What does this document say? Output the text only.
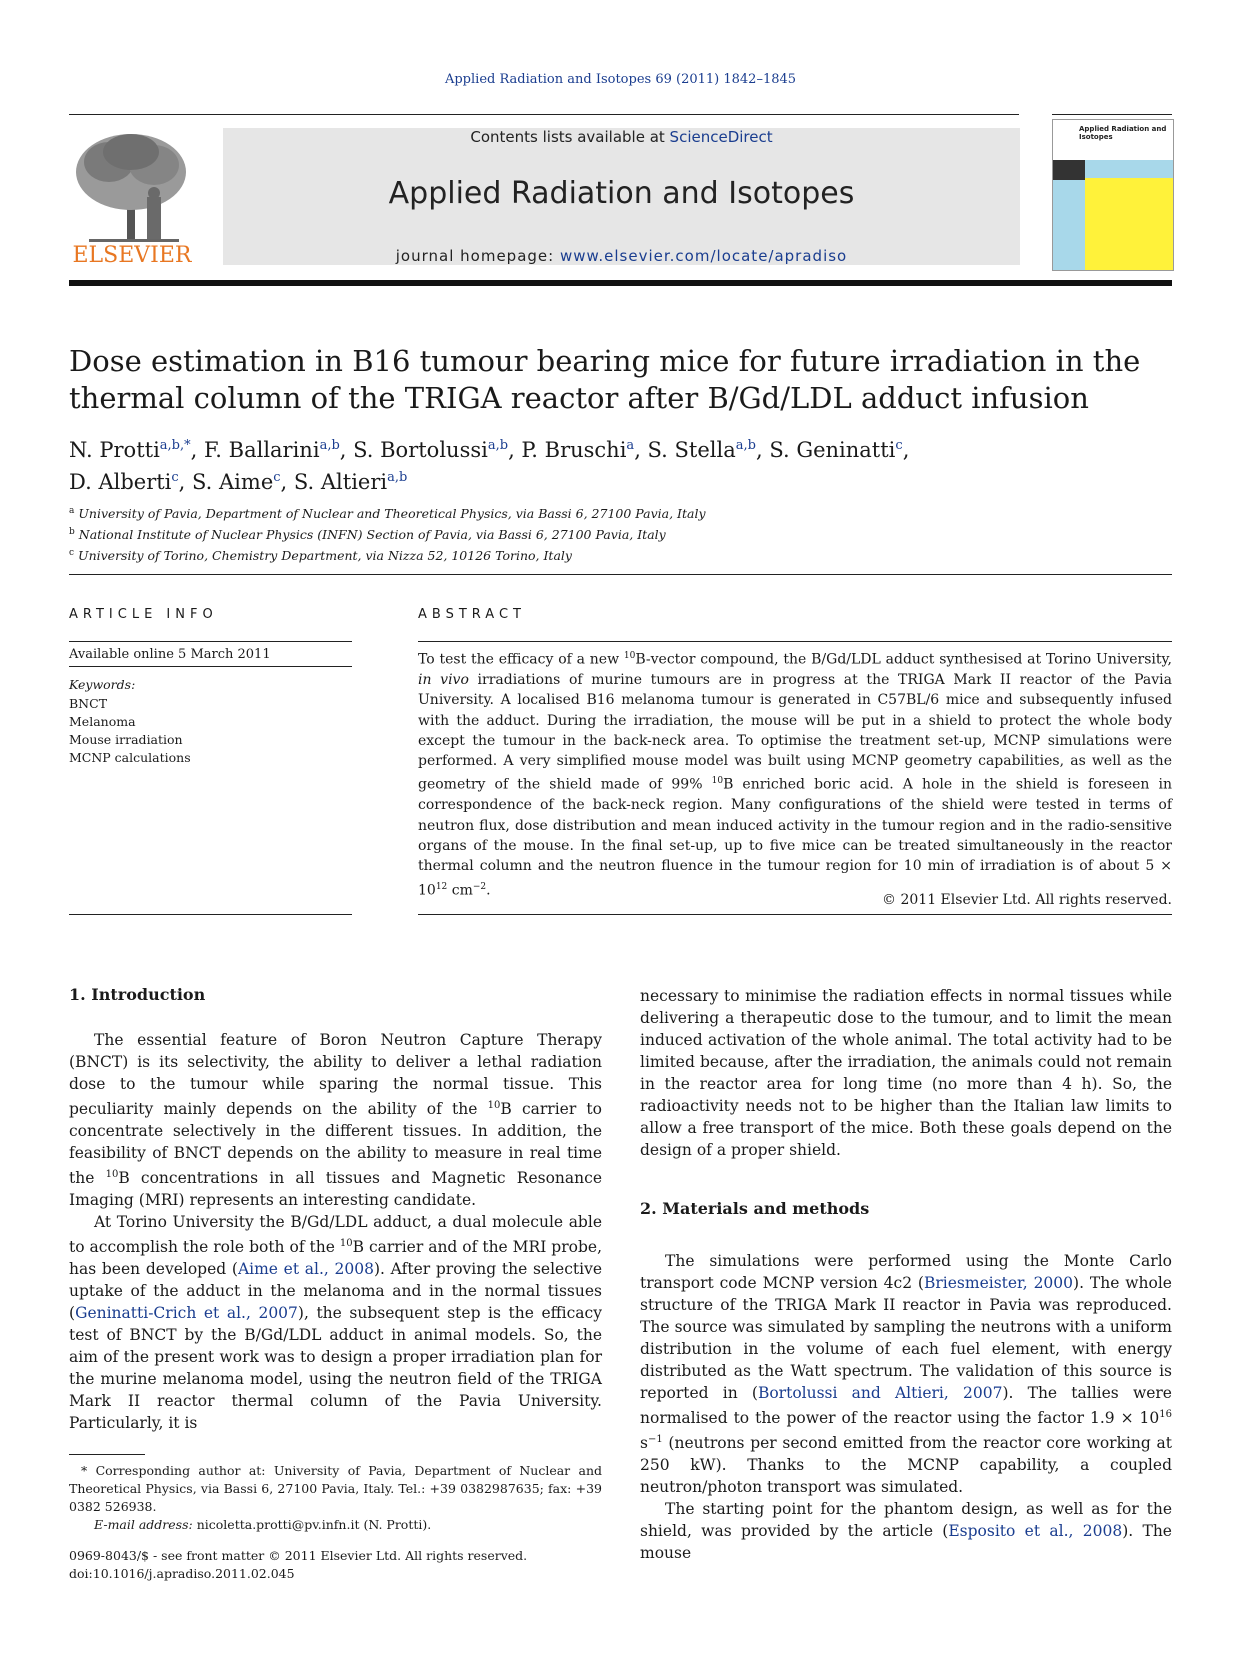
Applied Radiation and Isotopes 69 (2011) 1842–1845
ELSEVIER
Contents lists available at ScienceDirect
Applied Radiation and Isotopes
journal homepage: www.elsevier.com/locate/apradiso
Applied Radiation and Isotopes
Dose estimation in B16 tumour bearing mice for future irradiation in the
thermal column of the TRIGA reactor after B/Gd/LDL adduct infusion
N. Protti$^{a,b,*}$, F. Ballarini$^{a,b}$, S. Bortolussi$^{a,b}$, P. Bruschi$^a$, S. Stella$^{a,b}$, S. Geninatti$^c$,
D. Alberti$^c$, S. Aime$^c$, S. Altieri$^{a,b}$
$^a$ University of Pavia, Department of Nuclear and Theoretical Physics, via Bassi 6, 27100 Pavia, Italy
$^b$ National Institute of Nuclear Physics (INFN) Section of Pavia, via Bassi 6, 27100 Pavia, Italy
$^c$ University of Torino, Chemistry Department, via Nizza 52, 10126 Torino, Italy
ARTICLE INFO
Available online 5 March 2011
Keywords:
BNCT
Melanoma
Mouse irradiation
MCNP calculations
ABSTRACT
To test the efficacy of a new $^{10}$B-vector compound, the B/Gd/LDL adduct synthesised at Torino University, in vivo irradiations of murine tumours are in progress at the TRIGA Mark II reactor of the Pavia University. A localised B16 melanoma tumour is generated in C57BL/6 mice and subsequently infused with the adduct. During the irradiation, the mouse will be put in a shield to protect the whole body except the tumour in the back-neck area. To optimise the treatment set-up, MCNP simulations were performed. A very simplified mouse model was built using MCNP geometry capabilities, as well as the geometry of the shield made of 99% $^{10}$B enriched boric acid. A hole in the shield is foreseen in correspondence of the back-neck region. Many configurations of the shield were tested in terms of neutron flux, dose distribution and mean induced activity in the tumour region and in the radio-sensitive organs of the mouse. In the final set-up, up to five mice can be treated simultaneously in the reactor thermal column and the neutron fluence in the tumour region for 10 min of irradiation is of about $5 \times 10^{12}$ $cm^{-2}$.
© 2011 Elsevier Ltd. All rights reserved.
1. Introduction

The essential feature of Boron Neutron Capture Therapy (BNCT) is its selectivity, the ability to deliver a lethal radiation dose to the tumour while sparing the normal tissue. This peculiarity mainly depends on the ability of the $^{10}$B carrier to concentrate selectively in the different tissues. In addition, the feasibility of BNCT depends on the ability to measure in real time the $^{10}$B concentrations in all tissues and Magnetic Resonance Imaging (MRI) represents an interesting candidate.

At Torino University the B/Gd/LDL adduct, a dual molecule able to accomplish the role both of the $^{10}$B carrier and of the MRI probe, has been developed (Aime et al., 2008). After proving the selective uptake of the adduct in the melanoma and in the normal tissues (Geninatti-Crich et al., 2007), the subsequent step is the efficacy test of BNCT by the B/Gd/LDL adduct in animal models. So, the aim of the present work was to design a proper irradiation plan for the murine melanoma model, using the neutron field of the TRIGA Mark II reactor thermal column of the Pavia University. Particularly, it is

necessary to minimise the radiation effects in normal tissues while delivering a therapeutic dose to the tumour, and to limit the mean induced activation of the whole animal. The total activity had to be limited because, after the irradiation, the animals could not remain in the reactor area for long time (no more than 4 h). So, the radioactivity needs not to be higher than the Italian law limits to allow a free transport of the mice. Both these goals depend on the design of a proper shield.
2. Materials and methods

The simulations were performed using the Monte Carlo transport code MCNP version 4c2 (Briesmeister, 2000). The whole structure of the TRIGA Mark II reactor in Pavia was reproduced. The source was simulated by sampling the neutrons with a uniform distribution in the volume of each fuel element, with energy distributed as the Watt spectrum. The validation of this source is reported in (Bortolussi and Altieri, 2007). The tallies were normalised to the power of the reactor using the factor $1.9 \times 10^{16}$ $s^{-1}$ (neutrons per second emitted from the reactor core working at 250 kW). Thanks to the MCNP capability, a coupled neutron/photon transport was simulated.

The starting point for the phantom design, as well as for the shield, was provided by the article (Esposito et al., 2008). The mouse

* Corresponding author at: University of Pavia, Department of Nuclear and Theoretical Physics, via Bassi 6, 27100 Pavia, Italy. Tel.: +39 0382987635; fax: +39 0382 526938.
E-mail address: nicoletta.protti@pv.infn.it (N. Protti).
0969-8043/$ - see front matter © 2011 Elsevier Ltd. All rights reserved.
doi:10.1016/j.apradiso.2011.02.045
